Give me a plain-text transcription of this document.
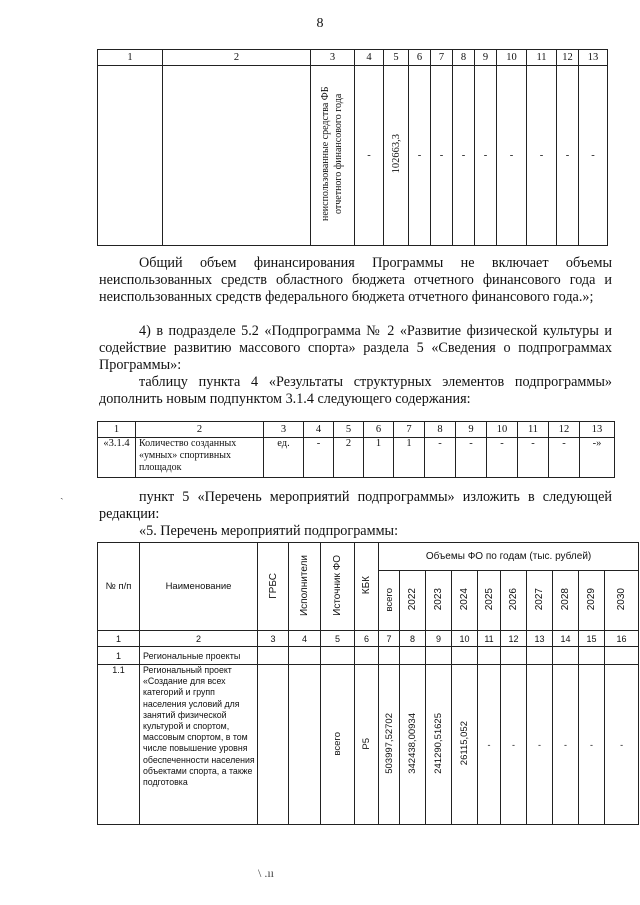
8
1	2	3	4	5	6	7	8	9	10	11	12	13
		неиспользованные средства ФБ отчетного финансового года	-	102663,3	-	-	-	-	-	-	-	-
Общий объем финансирования Программы не включает объемы неиспользованных средств областного бюджета отчетного финансового года и неиспользованных средств федерального бюджета отчетного финансового года.»;
4) в подразделе 5.2 «Подпрограмма № 2 «Развитие физической культуры и содействие развитию массового спорта» раздела 5 «Сведения о подпрограммах Программы»:
таблицу пункта 4 «Результаты структурных элементов подпрограммы» дополнить новым подпунктом 3.1.4 следующего содержания:
1	2	3	4	5	6	7	8	9	10	11	12	13
«3.1.4	Количество созданных «умных» спортивных площадок	ед.	-	2	1	1	-	-	-	-	-	-»
ˏ	пункт 5 «Перечень мероприятий подпрограммы» изложить в следующей редакции:
«5. Перечень мероприятий подпрограммы:
№ п/п	Наименование	ГРБС	Исполнители	Источник ФО	КБК	Объемы ФО по годам (тыс. рублей)									
						всего	2022	2023	2024	2025	2026	2027	2028	2029	2030
1	2	3	4	5	6	7	8	9	10	11	12	13	14	15	16
1	Региональные проекты														
1.1	Региональный проект «Создание для всех категорий и групп населения условий для занятий физической культурой и спортом, массовым спортом, в том числе повышение уровня обеспеченности населения объектами спорта, а также подготовка			всего	Р5	503997,52702	342438,00934	241290,51625	26115,052	-	-	-	-	-	-
\ .ıı
